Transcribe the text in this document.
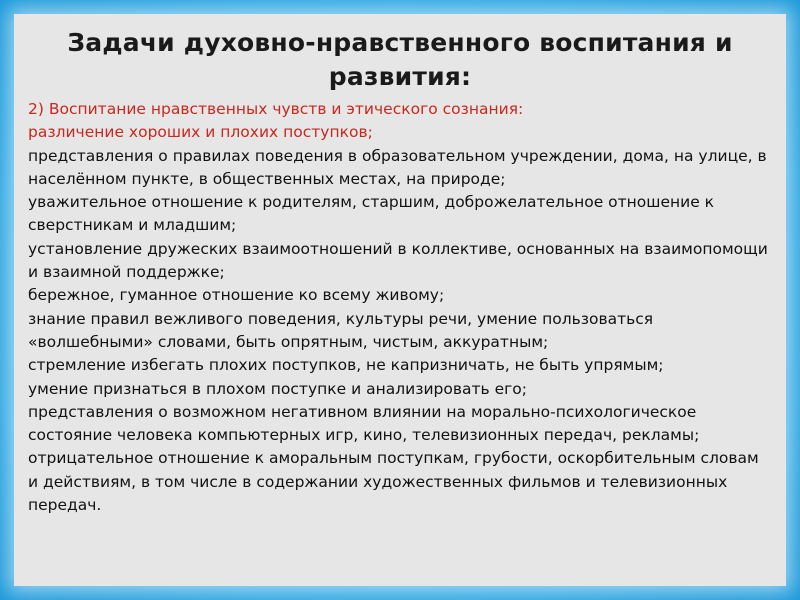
Задачи духовно-нравственного воспитания и развития:
2) Воспитание нравственных чувств и этического сознания:
различение хороших и плохих поступков;
представления о правилах поведения в образовательном учреждении, дома, на улице, в населённом пункте, в общественных местах, на природе;
уважительное отношение к родителям, старшим, доброжелательное отношение к сверстникам и младшим;
установление дружеских взаимоотношений в коллективе, основанных на взаимопомощи и взаимной поддержке;
бережное, гуманное отношение ко всему живому;
знание правил вежливого поведения, культуры речи, умение пользоваться «волшебными» словами, быть опрятным, чистым, аккуратным;
стремление избегать плохих поступков, не капризничать, не быть упрямым;
умение признаться в плохом поступке и анализировать его;
представления о возможном негативном влиянии на морально-психологическое состояние человека компьютерных игр, кино, телевизионных передач, рекламы;
отрицательное отношение к аморальным поступкам, грубости, оскорбительным словам и действиям, в том числе в содержании художественных фильмов и телевизионных передач.
